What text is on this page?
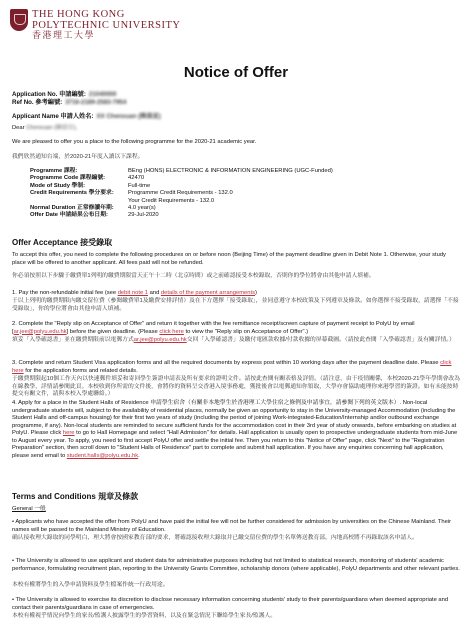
THE HONG KONG
POLYTECHNIC UNIVERSITY
香港理工大學
Notice of Offer
Application No. 申請編號: 21040000
Ref No. 參考編號: 3716-2189-2583-7954
Applicant Name 申請人姓名: XX Chenxuan (陳晨宣)
Dear Chenxuan (陳晨宣),
We are pleased to offer you a place to the following programme for the 2020-21 academic year.
我們欣然通知台端，於2020-21年度入讀以下課程。
Programme 課程:	BEng (HONS) ELECTRONIC & INFORMATION ENGINEERING (UGC-Funded)
Programme Code 課程編號:	42470
Mode of Study 學制:	Full-time
Credit Requirements 學分要求: Programme Credit Requirements - 132.0
Your Credit Requirements - 132.0
Normal Duration 正常修讀年期: 4.0 year(s)
Offer Date 申請結果公布日期:	29-Jul-2020
Offer Acceptance 接受錄取
To accept this offer, you need to complete the following procedures on or before noon (Beijing Time) of the payment deadline given in Debit Note 1. Otherwise, your study place will be offered to another applicant. All fees paid will not be refunded.
你必須按照以下步驟于繳費單1列明的繳費期限當天正午十二時（北京時間）或之前確認接受本校錄取，否則你的學位將會由其他申請人填補。
1. Pay the non-refundable initial fee (see debit note 1 and details of the payment arrangements)
于以上列明的繳費期限內繳交留位費（參閱繳費單1及繳費安排詳情）及在下方選擇「接受錄取」，並同意遵守本校政策及下列遵章及條款。如你選擇不接受錄取，請選擇「不接受錄取」，你的學位將會由其他申請人填補。
2. Complete the "Reply slip on Acceptance of Offer" and return it together with the fee remittance receipt/screen capture of payment receipt to PolyU by email [ar.jee@polyu.edu.hk] before the given deadline. (Please click here to view the "Reply slip on Acceptance of Offer".)
填妥「入學確認書」並在繳費期限前以電郵方式ar.jee@polyu.edu.hk交回「入學確認書」及繳付電匯款收據/付款收據的屏幕截圖。（請按此查閱「入學確認書」及有關詳情。）
3. Complete and return Student Visa application forms and all the required documents by express post within 10 working days after the payment deadline date. Please click here for the application forms and related details.
于繳費期限起10個工作天內以快速郵件填妥和寄回學生簽證申請表及所有要求的證明文件。請按此查閱有關表格及詳情。（請注意，由于疫情關係，本校2020-21學年學期會改為在線教學，詳情請參閱此頁。本校收到你所需的文件後，會將你的資料呈交香港入境事務處，獲批後會以電郵通知你領取，大學亦會協助處理你來港學習的簽證。如有未能按時提交有關文件，請與本校入學處聯絡。）
4. Apply for a place in the Student Halls of Residence 申請學生宿舍（有關非本地學生於香港理工大學住宿之條例及申請事宜，請參閱下列的英文版本）. Non-local undergraduate students will, subject to the availability of residential places, normally be given an opportunity to stay in the University-managed Accommodation (including the Student Halls and off-campus housing) for their first two years of study (including the period of joining Work-integrated-Education/Internship and/or outbound exchange programme, if any). Non-local students are reminded to secure sufficient funds for the accommodation cost in their 3rd year of study onwards, before embarking on studies at PolyU. Please click here to go to Hall Homepage and select "Hall Admission" for details. Hall application is usually open to prospective undergraduate students from mid-June to August every year. To apply, you need to first accept PolyU offer and settle the initial fee. Then you return to this "Notice of Offer" page, click "Next" to the "Registration Preparation" section, then scroll down to "Student Halls of Residence" part to complete and submit hall application. If you have any enquiries concerning hall application, please send email to student.halls@polyu.edu.hk.
Terms and Conditions 規章及條款
General 一般
• Applicants who have accepted the offer from PolyU and have paid the initial fee will not be further considered for admission by universities on the Chinese Mainland. Their names will be passed to the Mainland Ministry of Education.
确认接收理大錄取的同學明白，理大將會按國家教育部的要求，將確認接收理大錄取并已繳交留位費的學生名單傳送教育部，內地高校將不再錄取該名申請人。
• The University is allowed to use applicant and student data for administrative purposes including but not limited to statistical research, monitoring of students' academic performance, formulating recruitment plan, reporting to the University Grants Committee, scholarship donors (where applicable), PolyU departments and other relevant parties.
本校有權將學生的入學申請資料及學生檔案作統一行政用途。
• The University is allowed to exercise its discretion to disclose necessary information concerning students' study to their parents/guardians when deemed appropriate and contact their parents/guardians in case of emergencies.
本校有權視乎情況向學生的家長/監護人披露學生的學習資料，以及在緊急情況下聯絡學生家長/監護人。
